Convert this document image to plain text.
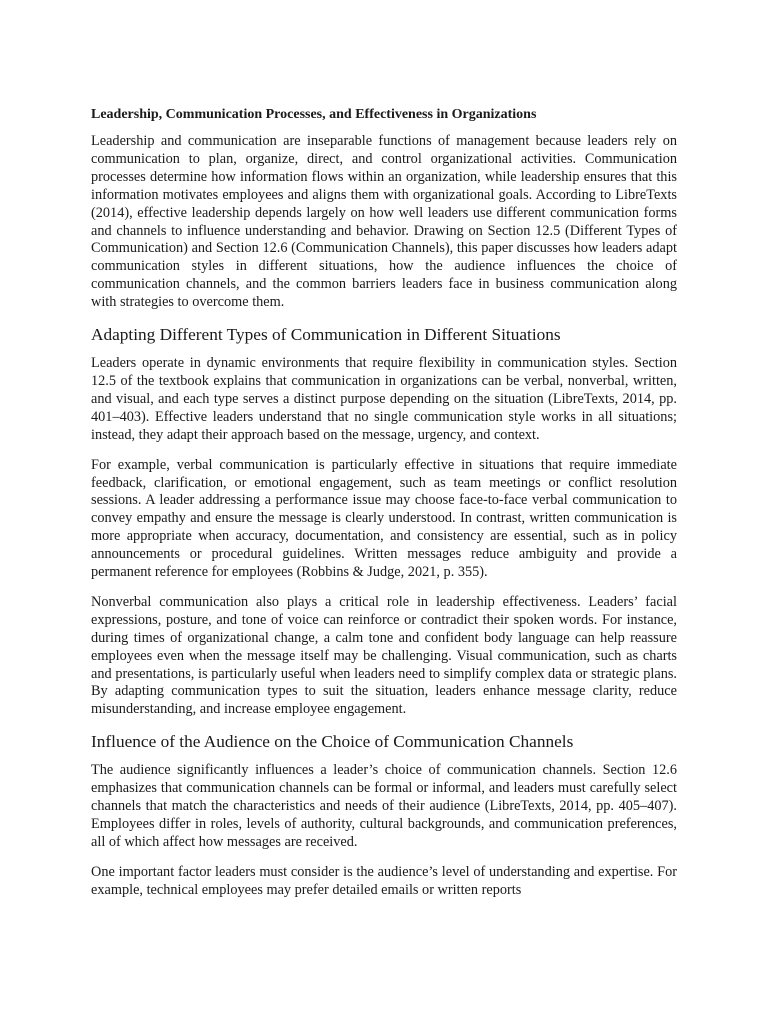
Leadership, Communication Processes, and Effectiveness in Organizations

Leadership and communication are inseparable functions of management because leaders rely on communication to plan, organize, direct, and control organizational activities. Communication processes determine how information flows within an organization, while leadership ensures that this information motivates employees and aligns them with organizational goals. According to LibreTexts (2014), effective leadership depends largely on how well leaders use different communication forms and channels to influence understanding and behavior. Drawing on Section 12.5 (Different Types of Communication) and Section 12.6 (Communication Channels), this paper discusses how leaders adapt communication styles in different situations, how the audience influences the choice of communication channels, and the common barriers leaders face in business communication along with strategies to overcome them.

Adapting Different Types of Communication in Different Situations

Leaders operate in dynamic environments that require flexibility in communication styles. Section 12.5 of the textbook explains that communication in organizations can be verbal, nonverbal, written, and visual, and each type serves a distinct purpose depending on the situation (LibreTexts, 2014, pp. 401–403). Effective leaders understand that no single communication style works in all situations; instead, they adapt their approach based on the message, urgency, and context.

For example, verbal communication is particularly effective in situations that require immediate feedback, clarification, or emotional engagement, such as team meetings or conflict resolution sessions. A leader addressing a performance issue may choose face-to-face verbal communication to convey empathy and ensure the message is clearly understood. In contrast, written communication is more appropriate when accuracy, documentation, and consistency are essential, such as in policy announcements or procedural guidelines. Written messages reduce ambiguity and provide a permanent reference for employees (Robbins & Judge, 2021, p. 355).

Nonverbal communication also plays a critical role in leadership effectiveness. Leaders’ facial expressions, posture, and tone of voice can reinforce or contradict their spoken words. For instance, during times of organizational change, a calm tone and confident body language can help reassure employees even when the message itself may be challenging. Visual communication, such as charts and presentations, is particularly useful when leaders need to simplify complex data or strategic plans. By adapting communication types to suit the situation, leaders enhance message clarity, reduce misunderstanding, and increase employee engagement.

Influence of the Audience on the Choice of Communication Channels

The audience significantly influences a leader’s choice of communication channels. Section 12.6 emphasizes that communication channels can be formal or informal, and leaders must carefully select channels that match the characteristics and needs of their audience (LibreTexts, 2014, pp. 405–407). Employees differ in roles, levels of authority, cultural backgrounds, and communication preferences, all of which affect how messages are received.

One important factor leaders must consider is the audience’s level of understanding and expertise. For example, technical employees may prefer detailed emails or written reports
